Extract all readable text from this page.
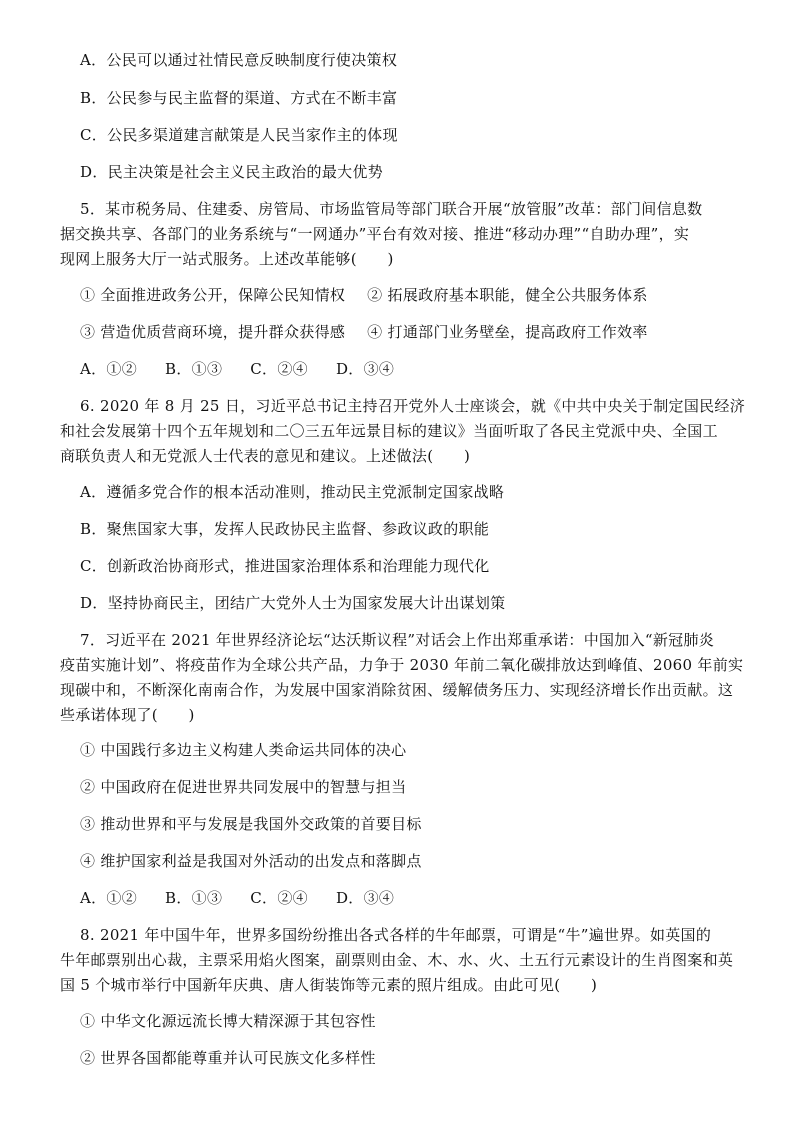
A．公民可以通过社情民意反映制度行使决策权
B．公民参与民主监督的渠道、方式在不断丰富
C．公民多渠道建言献策是人民当家作主的体现
D．民主决策是社会主义民主政治的最大优势
5．某市税务局、住建委、房管局、市场监管局等部门联合开展“放管服”改革：部门间信息数
据交换共享、各部门的业务系统与“一网通办”平台有效对接、推进“移动办理”“自助办理”，实
现网上服务大厅一站式服务。上述改革能够(　　)
① 全面推进政务公开，保障公民知情权 ② 拓展政府基本职能，健全公共服务体系
③ 营造优质营商环境，提升群众获得感 ④ 打通部门业务壁垒，提高政府工作效率
A．①② B．①③ C．②④ D．③④
6. 2020 年 8 月 25 日，习近平总书记主持召开党外人士座谈会，就《中共中央关于制定国民经济
和社会发展第十四个五年规划和二〇三五年远景目标的建议》当面听取了各民主党派中央、全国工
商联负责人和无党派人士代表的意见和建议。上述做法(　　)
A．遵循多党合作的根本活动准则，推动民主党派制定国家战略
B．聚焦国家大事，发挥人民政协民主监督、参政议政的职能
C．创新政治协商形式，推进国家治理体系和治理能力现代化
D．坚持协商民主，团结广大党外人士为国家发展大计出谋划策
7．习近平在 2021 年世界经济论坛“达沃斯议程”对话会上作出郑重承诺：中国加入“新冠肺炎
疫苗实施计划”、将疫苗作为全球公共产品，力争于 2030 年前二氧化碳排放达到峰值、2060 年前实
现碳中和，不断深化南南合作，为发展中国家消除贫困、缓解债务压力、实现经济增长作出贡献。这
些承诺体现了(　　)
① 中国践行多边主义构建人类命运共同体的决心
② 中国政府在促进世界共同发展中的智慧与担当
③ 推动世界和平与发展是我国外交政策的首要目标
④ 维护国家利益是我国对外活动的出发点和落脚点
A．①② B．①③ C．②④ D．③④
8. 2021 年中国牛年，世界多国纷纷推出各式各样的牛年邮票，可谓是“牛”遍世界。如英国的
牛年邮票别出心裁，主票采用焰火图案，副票则由金、木、水、火、土五行元素设计的生肖图案和英
国 5 个城市举行中国新年庆典、唐人街装饰等元素的照片组成。由此可见(　　)
① 中华文化源远流长博大精深源于其包容性
② 世界各国都能尊重并认可民族文化多样性
